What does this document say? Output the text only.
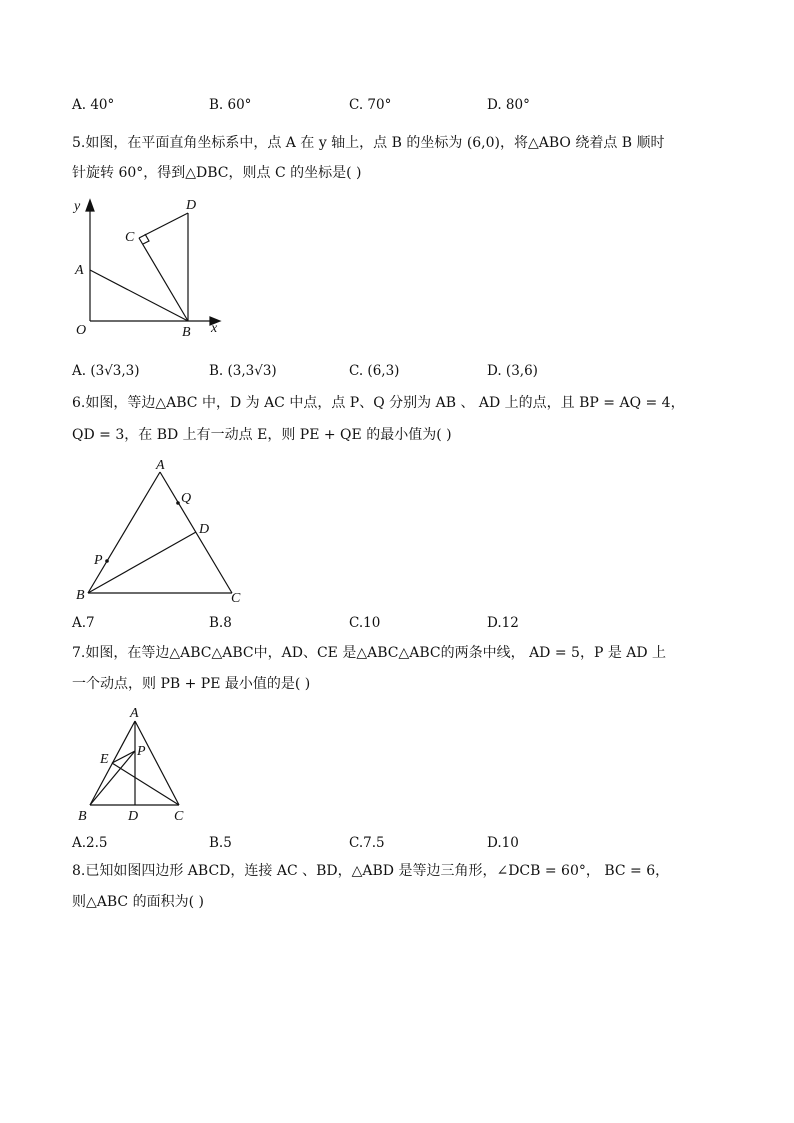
A. 40°	B. 60°	C. 70°	D. 80°
5.如图，在平面直角坐标系中，点 A 在 y 轴上，点 B 的坐标为 (6,0)，将△ABO 绕着点 B 顺时
针旋转 60°，得到△DBC，则点 C 的坐标是( )
y	D
C
A
O	B x
A. (3√3,3)	B. (3,3√3)	C. (6,3)	D. (3,6)
6.如图，等边△ABC 中，D 为 AC 中点，点 P、Q 分别为 AB 、 AD 上的点，且 BP = AQ = 4，
QD = 3，在 BD 上有一动点 E，则 PE + QE 的最小值为( )
A
Q
D
P
B	C
A.7	B.8	C.10	D.12
7.如图，在等边△ABC△ABC中，AD、CE 是△ABC△ABC的两条中线， AD = 5，P 是 AD 上
一个动点，则 PB + PE 最小值的是( )
A
E
P
B	D	C
A.2.5	B.5	C.7.5	D.10
8.已知如图四边形 ABCD，连接 AC 、BD，△ABD 是等边三角形，∠DCB = 60°， BC = 6，
则△ABC 的面积为( )
